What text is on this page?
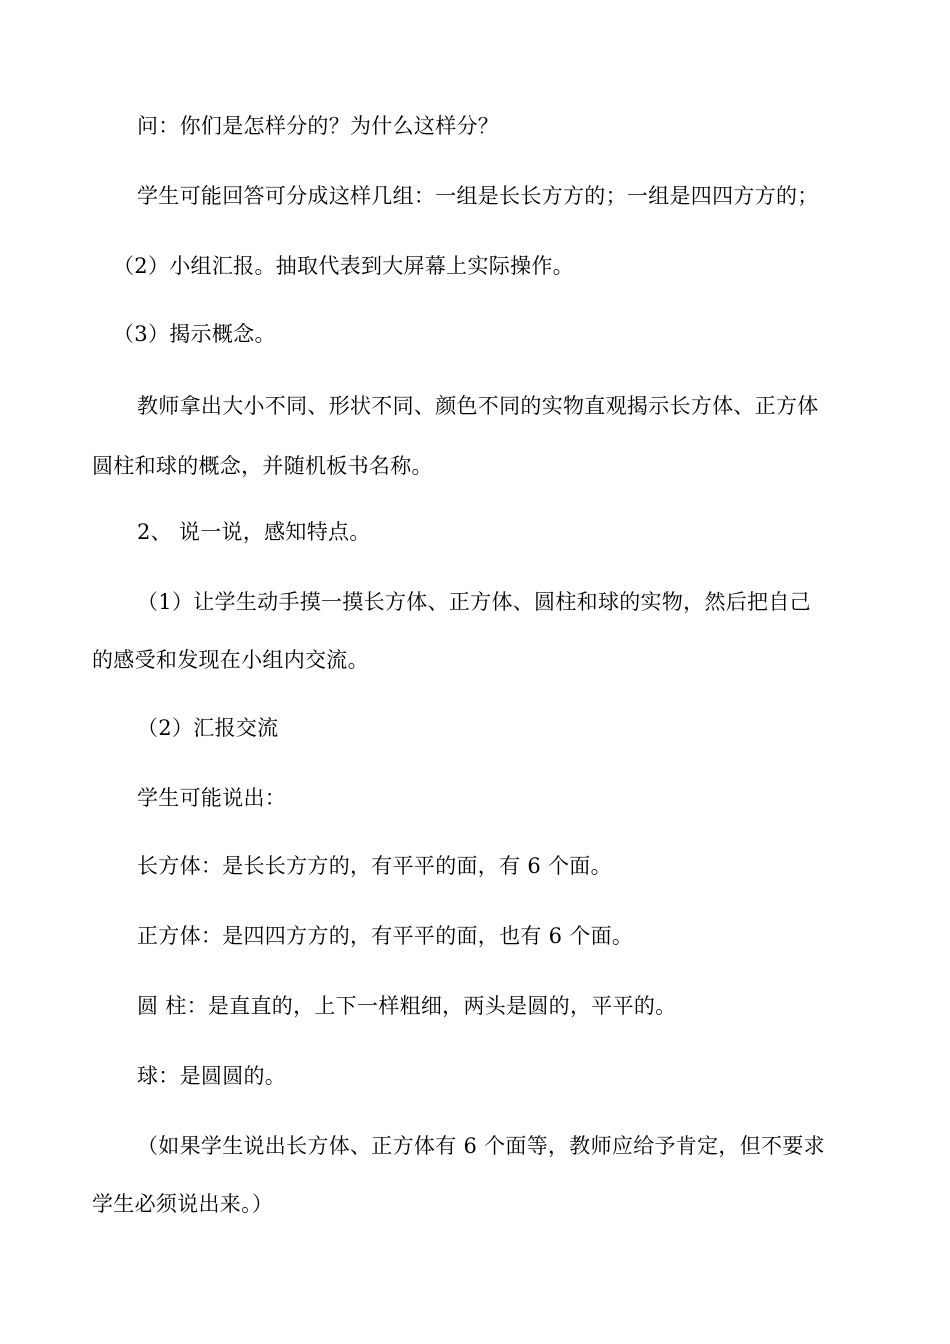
问：你们是怎样分的？为什么这样分？
学生可能回答可分成这样几组：一组是长长方方的；一组是四四方方的；
（2）小组汇报。抽取代表到大屏幕上实际操作。
（3）揭示概念。
教师拿出大小不同、形状不同、颜色不同的实物直观揭示长方体、正方体
圆柱和球的概念，并随机板书名称。
2、 说一说，感知特点。
（1）让学生动手摸一摸长方体、正方体、圆柱和球的实物，然后把自己
的感受和发现在小组内交流。
（2）汇报交流
学生可能说出：
长方体：是长长方方的，有平平的面，有 6 个面。
正方体：是四四方方的，有平平的面，也有 6 个面。
圆 柱：是直直的，上下一样粗细，两头是圆的，平平的。
球：是圆圆的。
（如果学生说出长方体、正方体有 6 个面等，教师应给予肯定，但不要求
学生必须说出来。）
